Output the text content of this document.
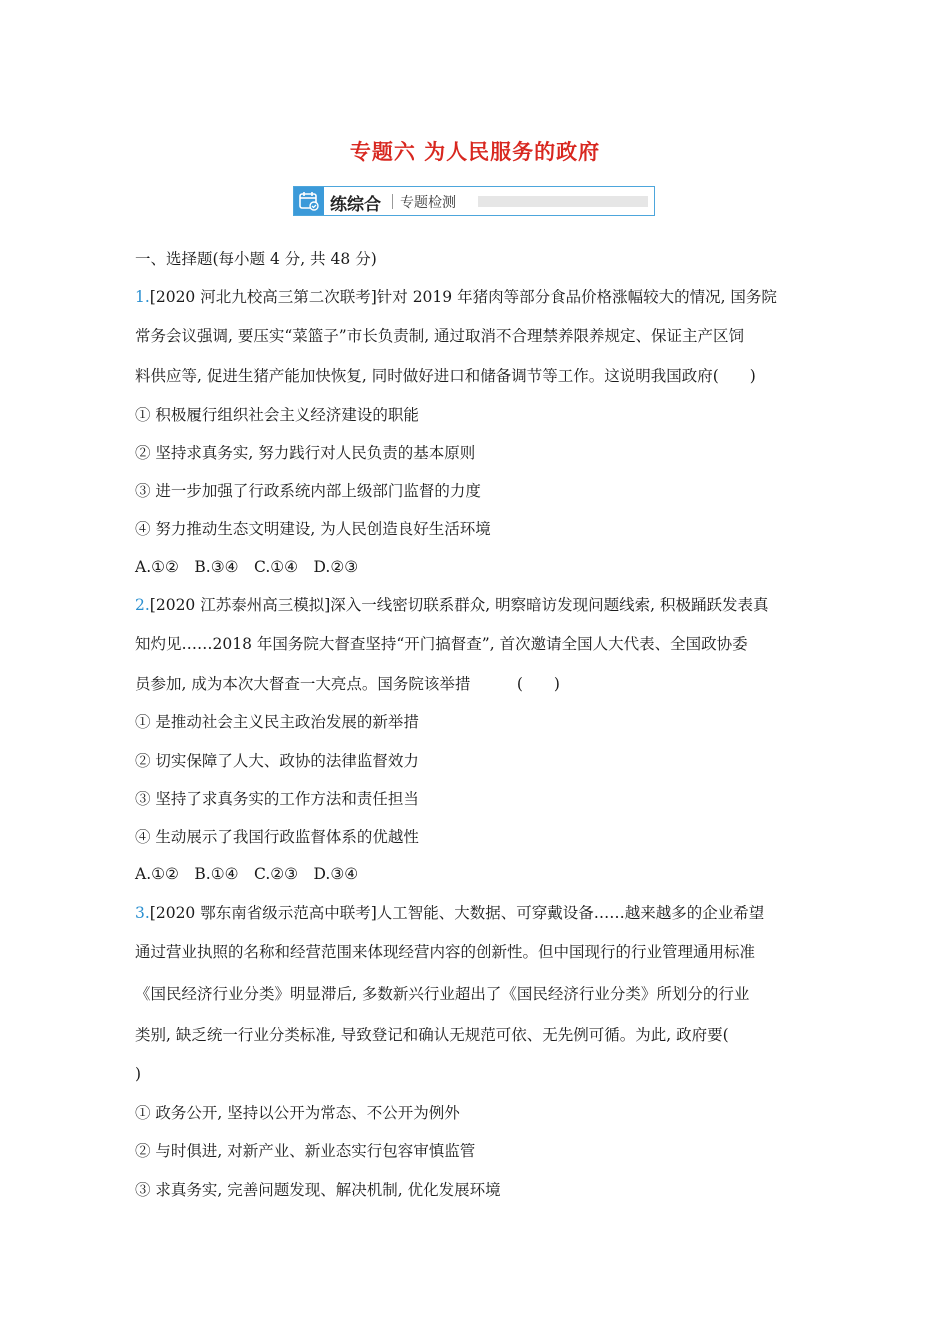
专题六 为人民服务的政府
练综合 专题检测
一、选择题(每小题 4 分, 共 48 分)
1.[2020 河北九校高三第二次联考]针对 2019 年猪肉等部分食品价格涨幅较大的情况, 国务院
常务会议强调, 要压实“菜篮子”市长负责制, 通过取消不合理禁养限养规定、保证主产区饲
料供应等, 促进生猪产能加快恢复, 同时做好进口和储备调节等工作。这说明我国政府(　　)
① 积极履行组织社会主义经济建设的职能
② 坚持求真务实, 努力践行对人民负责的基本原则
③ 进一步加强了行政系统内部上级部门监督的力度
④ 努力推动生态文明建设, 为人民创造良好生活环境
A.①②　B.③④　C.①④　D.②③
2.[2020 江苏泰州高三模拟]深入一线密切联系群众, 明察暗访发现问题线索, 积极踊跃发表真
知灼见……2018 年国务院大督查坚持“开门搞督查”, 首次邀请全国人大代表、全国政协委
员参加, 成为本次大督查一大亮点。国务院该举措　　　(　　)
① 是推动社会主义民主政治发展的新举措
② 切实保障了人大、政协的法律监督效力
③ 坚持了求真务实的工作方法和责任担当
④ 生动展示了我国行政监督体系的优越性
A.①②　B.①④　C.②③　D.③④
3.[2020 鄂东南省级示范高中联考]人工智能、大数据、可穿戴设备……越来越多的企业希望
通过营业执照的名称和经营范围来体现经营内容的创新性。但中国现行的行业管理通用标准
《国民经济行业分类》明显滞后, 多数新兴行业超出了《国民经济行业分类》所划分的行业
类别, 缺乏统一行业分类标准, 导致登记和确认无规范可依、无先例可循。为此, 政府要(
)
① 政务公开, 坚持以公开为常态、不公开为例外
② 与时俱进, 对新产业、新业态实行包容审慎监管
③ 求真务实, 完善问题发现、解决机制, 优化发展环境
